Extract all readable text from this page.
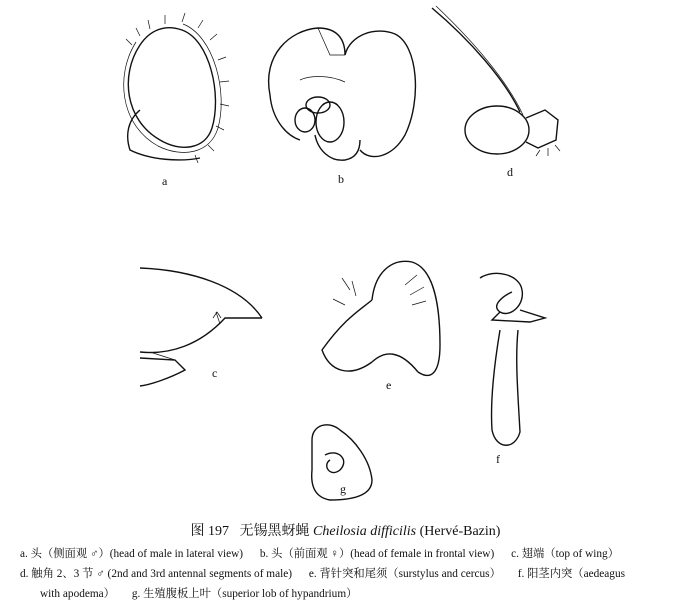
a	b	d
c
e
f
g
图 197 无锡黑蚜蝇 Cheilosia difficilis (Hervé-Bazin)
a. 头（侧面观 ♂）(head of male in lateral view) b. 头（前面观 ♀）(head of female in frontal view) c. 翅端（top of wing）
d. 触角 2、3 节 ♂ (2nd and 3rd antennal segments of male) e. 背针突和尾须（surstylus and cercus） f. 阳茎内突（aedeagus
with apodema） g. 生殖腹板上叶（superior lob of hypandrium）
